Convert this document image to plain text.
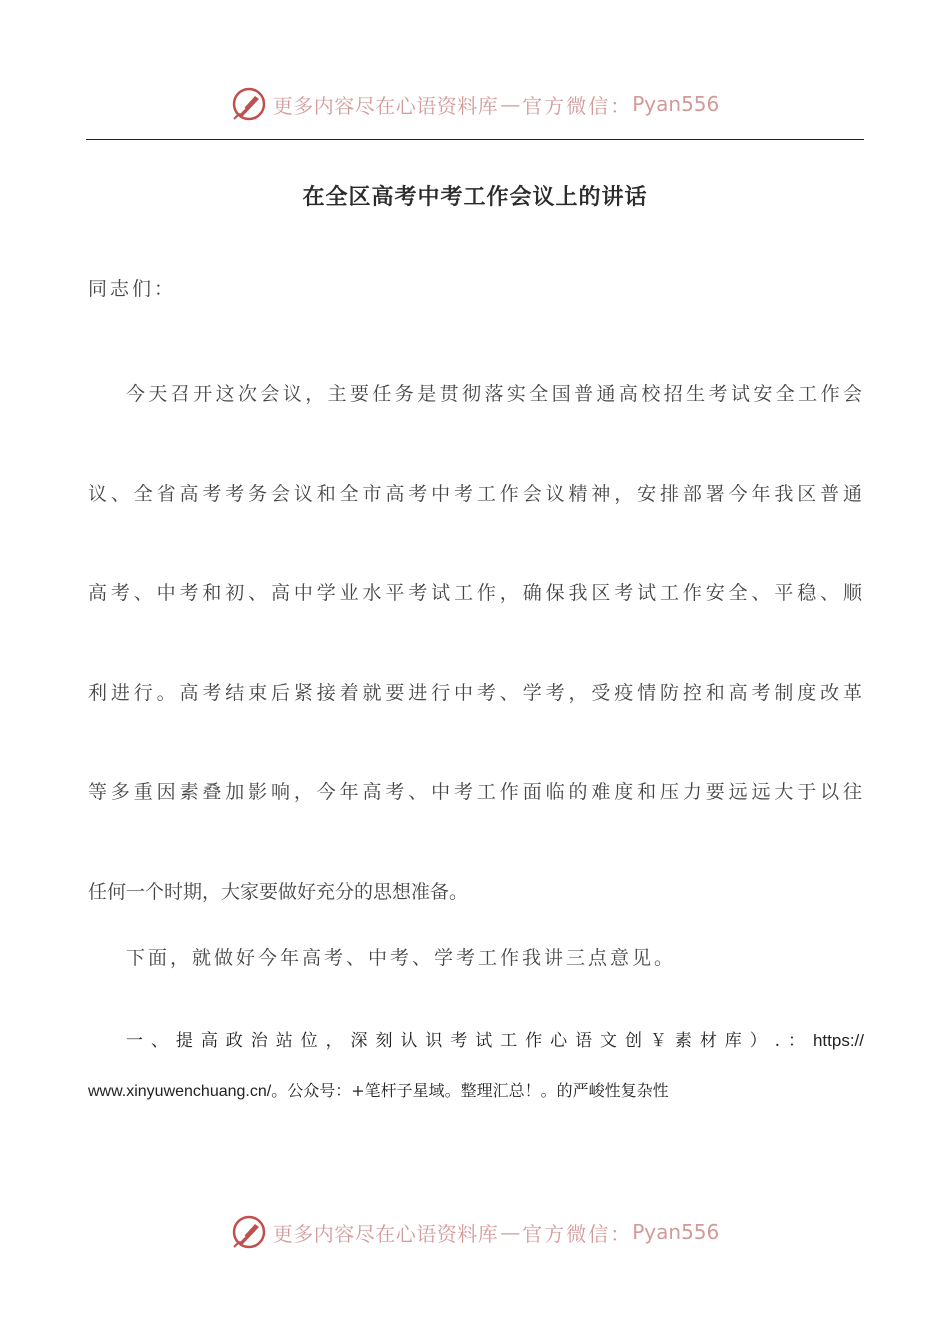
更多内容尽在心语资料库 — 官方微信： Pyan556
在全区高考中考工作会议上的讲话
同志们：
今天召开这次会议，主要任务是贯彻落实全国普通高校招生考试安全工作会
议、全省高考考务会议和全市高考中考工作会议精神，安排部署今年我区普通
高考、中考和初、高中学业水平考试工作，确保我区考试工作安全、平稳、顺
利进行。高考结束后紧接着就要进行中考、学考，受疫情防控和高考制度改革
等多重因素叠加影响，今年高考、中考工作面临的难度和压力要远远大于以往
任何一个时期，大家要做好充分的思想准备。
下面，就做好今年高考、中考、学考工作我讲三点意见。
一、提高政治站位，深刻认识考试工作心语文创￥素材库）.：https://
www.xinyuwenchuang.cn/。公众号：+笔杆子星域。整理汇总！。的严峻性复杂性
更多内容尽在心语资料库 — 官方微信： Pyan556
